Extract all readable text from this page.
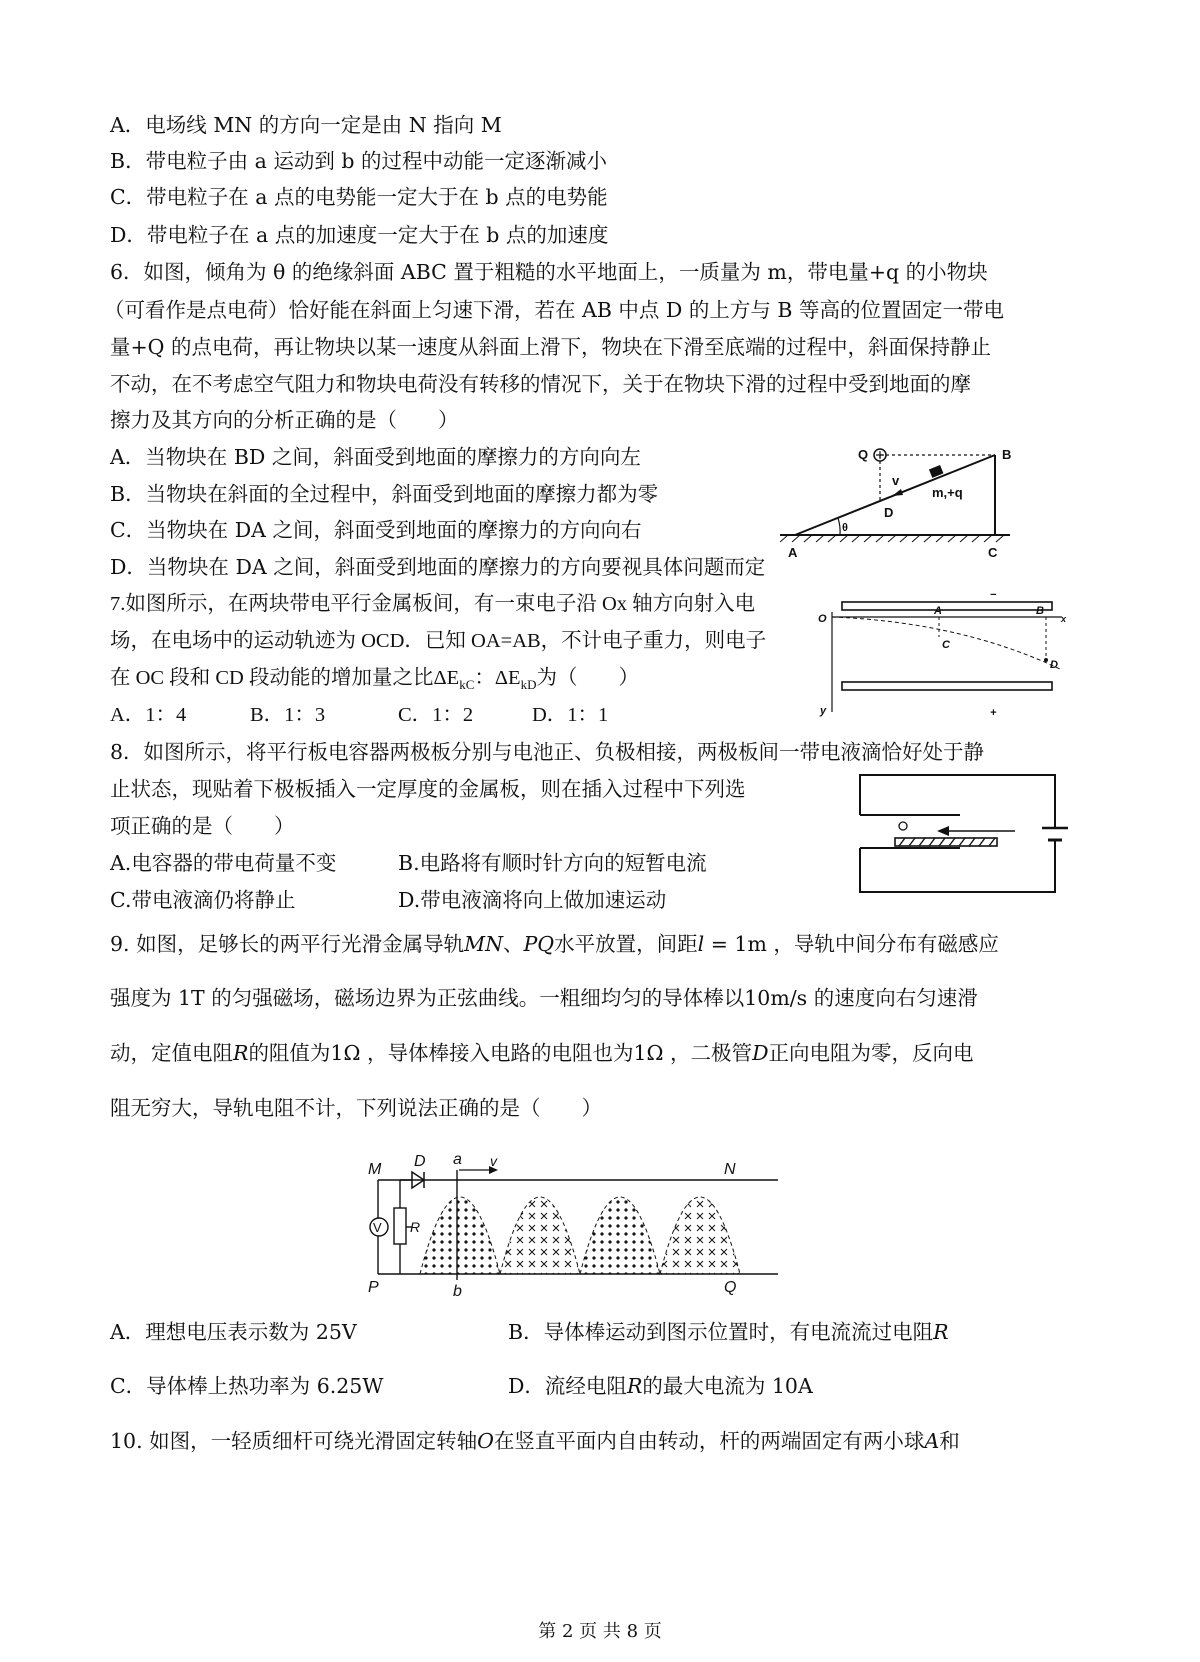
A．电场线 MN 的方向一定是由 N 指向 M
B．带电粒子由 a 运动到 b 的过程中动能一定逐渐减小
C．带电粒子在 a 点的电势能一定大于在 b 点的电势能
D．带电粒子在 a 点的加速度一定大于在 b 点的加速度
6．如图，倾角为 θ 的绝缘斜面 ABC 置于粗糙的水平地面上，一质量为 m，带电量+q 的小物块
（可看作是点电荷）恰好能在斜面上匀速下滑，若在 AB 中点 D 的上方与 B 等高的位置固定一带电
量+Q 的点电荷，再让物块以某一速度从斜面上滑下，物块在下滑至底端的过程中，斜面保持静止
不动，在不考虑空气阻力和物块电荷没有转移的情况下，关于在物块下滑的过程中受到地面的摩
擦力及其方向的分析正确的是（　　）
A．当物块在 BD 之间，斜面受到地面的摩擦力的方向向左
B．当物块在斜面的全过程中，斜面受到地面的摩擦力都为零
C．当物块在 DA 之间，斜面受到地面的摩擦力的方向向右
D．当物块在 DA 之间，斜面受到地面的摩擦力的方向要视具体问题而定
Q	B
v
m,+q
D
θ
A	C
7.如图所示，在两块带电平行金属板间，有一束电子沿 Ox 轴方向射入电
场，在电场中的运动轨迹为 OCD．已知 OA=AB，不计电子重力，则电子
在 OC 段和 CD 段动能的增加量之比$\Delta E_{kC}$：$\Delta E_{kD}$为（　　）
A．1：4	B．1：3	C．1：2	D．1：1
−
O
A	B
x
C
D
y	+
8．如图所示，将平行板电容器两极板分别与电池正、负极相接，两极板间一带电液滴恰好处于静
止状态，现贴着下极板插入一定厚度的金属板，则在插入过程中下列选
项正确的是（　　）
A.电容器的带电荷量不变	B.电路将有顺时针方向的短暂电流
C.带电液滴仍将静止	D.带电液滴将向上做加速运动
9. 如图，足够长的两平行光滑金属导轨MN、PQ水平放置，间距l = 1m ，导轨中间分布有磁感应
强度为 1T 的匀强磁场，磁场边界为正弦曲线。一粗细均匀的导体棒以10m/s 的速度向右匀速滑
动，定值电阻R的阻值为1Ω ，导体棒接入电路的电阻也为1Ω ，二极管D正向电阻为零，反向电
阻无穷大，导轨电阻不计，下列说法正确的是（　　）
M D a v	N
V R
P	b	Q
A．理想电压表示数为 25V	B．导体棒运动到图示位置时，有电流流过电阻R
C．导体棒上热功率为 6.25W	D．流经电阻R的最大电流为 10A
10. 如图，一轻质细杆可绕光滑固定转轴O在竖直平面内自由转动，杆的两端固定有两小球A和
第 2 页 共 8 页
